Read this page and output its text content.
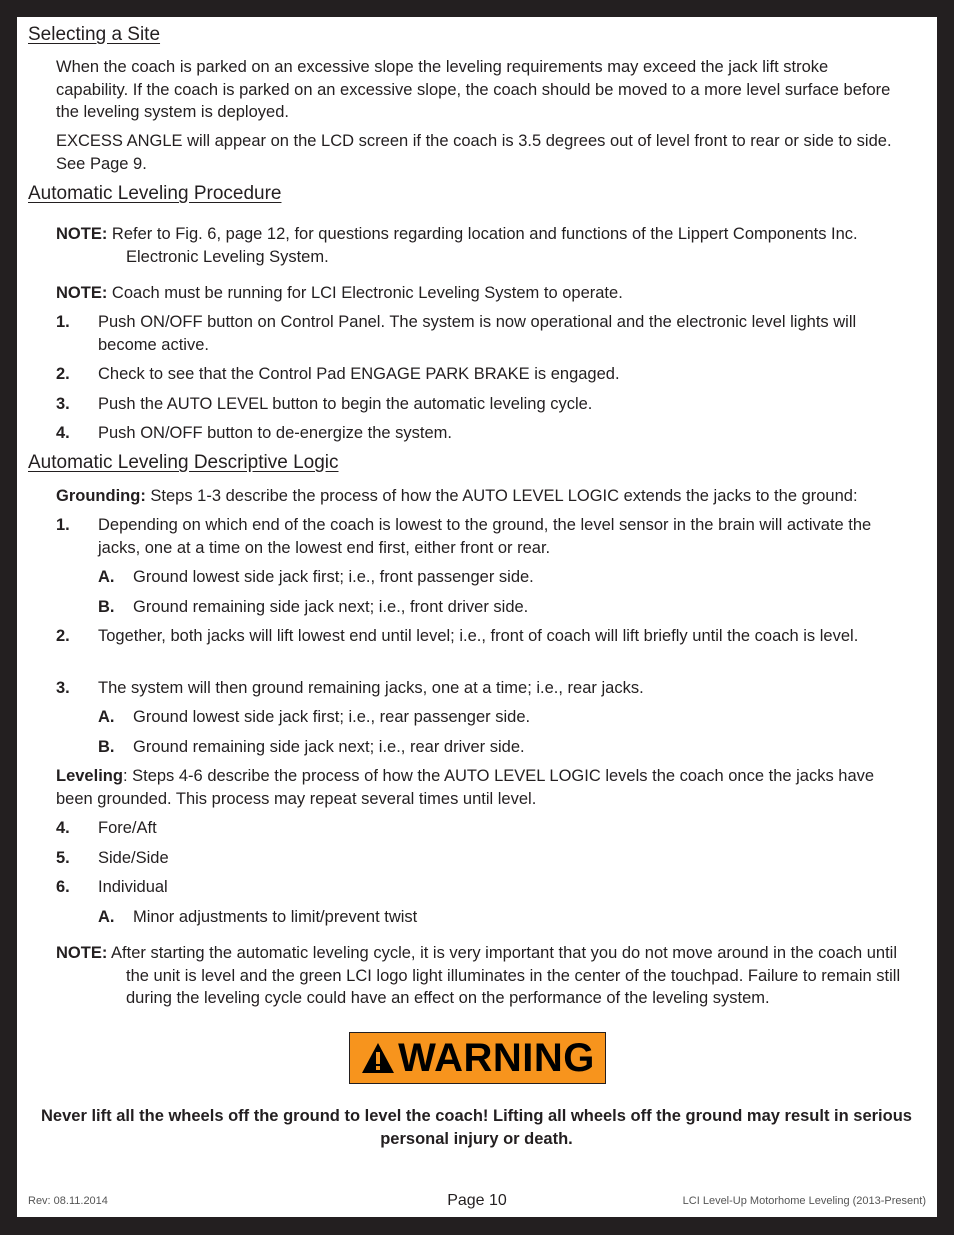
Selecting a Site

When the coach is parked on an excessive slope the leveling requirements may exceed the jack lift stroke capability. If the coach is parked on an excessive slope, the coach should be moved to a more level surface before the leveling system is deployed.

EXCESS ANGLE will appear on the LCD screen if the coach is 3.5 degrees out of level front to rear or side to side. See Page 9.

Automatic Leveling Procedure

NOTE: Refer to Fig. 6, page 12, for questions regarding location and functions of the Lippert Components Inc. Electronic Leveling System.

NOTE: Coach must be running for LCI Electronic Leveling System to operate.

1. Push ON/OFF button on Control Panel. The system is now operational and the electronic level lights will become active.
2. Check to see that the Control Pad ENGAGE PARK BRAKE is engaged.
3. Push the AUTO LEVEL button to begin the automatic leveling cycle.
4. Push ON/OFF button to de-energize the system.
Automatic Leveling Descriptive Logic

Grounding: Steps 1-3 describe the process of how the AUTO LEVEL LOGIC extends the jacks to the ground:

1. Depending on which end of the coach is lowest to the ground, the level sensor in the brain will activate the jacks, one at a time on the lowest end first, either front or rear.
A. Ground lowest side jack first; i.e., front passenger side.
B. Ground remaining side jack next; i.e., front driver side.
2. Together, both jacks will lift lowest end until level; i.e., front of coach will lift briefly until the coach is level.
3. The system will then ground remaining jacks, one at a time; i.e., rear jacks.
A. Ground lowest side jack first; i.e., rear passenger side.
B. Ground remaining side jack next; i.e., rear driver side.

Leveling: Steps 4-6 describe the process of how the AUTO LEVEL LOGIC levels the coach once the jacks have been grounded. This process may repeat several times until level.

4. Fore/Aft
5. Side/Side
6. Individual
A. Minor adjustments to limit/prevent twist

NOTE: After starting the automatic leveling cycle, it is very important that you do not move around in the coach until the unit is level and the green LCI logo light illuminates in the center of the touchpad. Failure to remain still during the leveling cycle could have an effect on the performance of the leveling system.

WARNING

Never lift all the wheels off the ground to level the coach! Lifting all wheels off the ground may result in serious personal injury or death.

Rev: 08.11.2014	Page 10	LCI Level-Up Motorhome Leveling (2013-Present)
